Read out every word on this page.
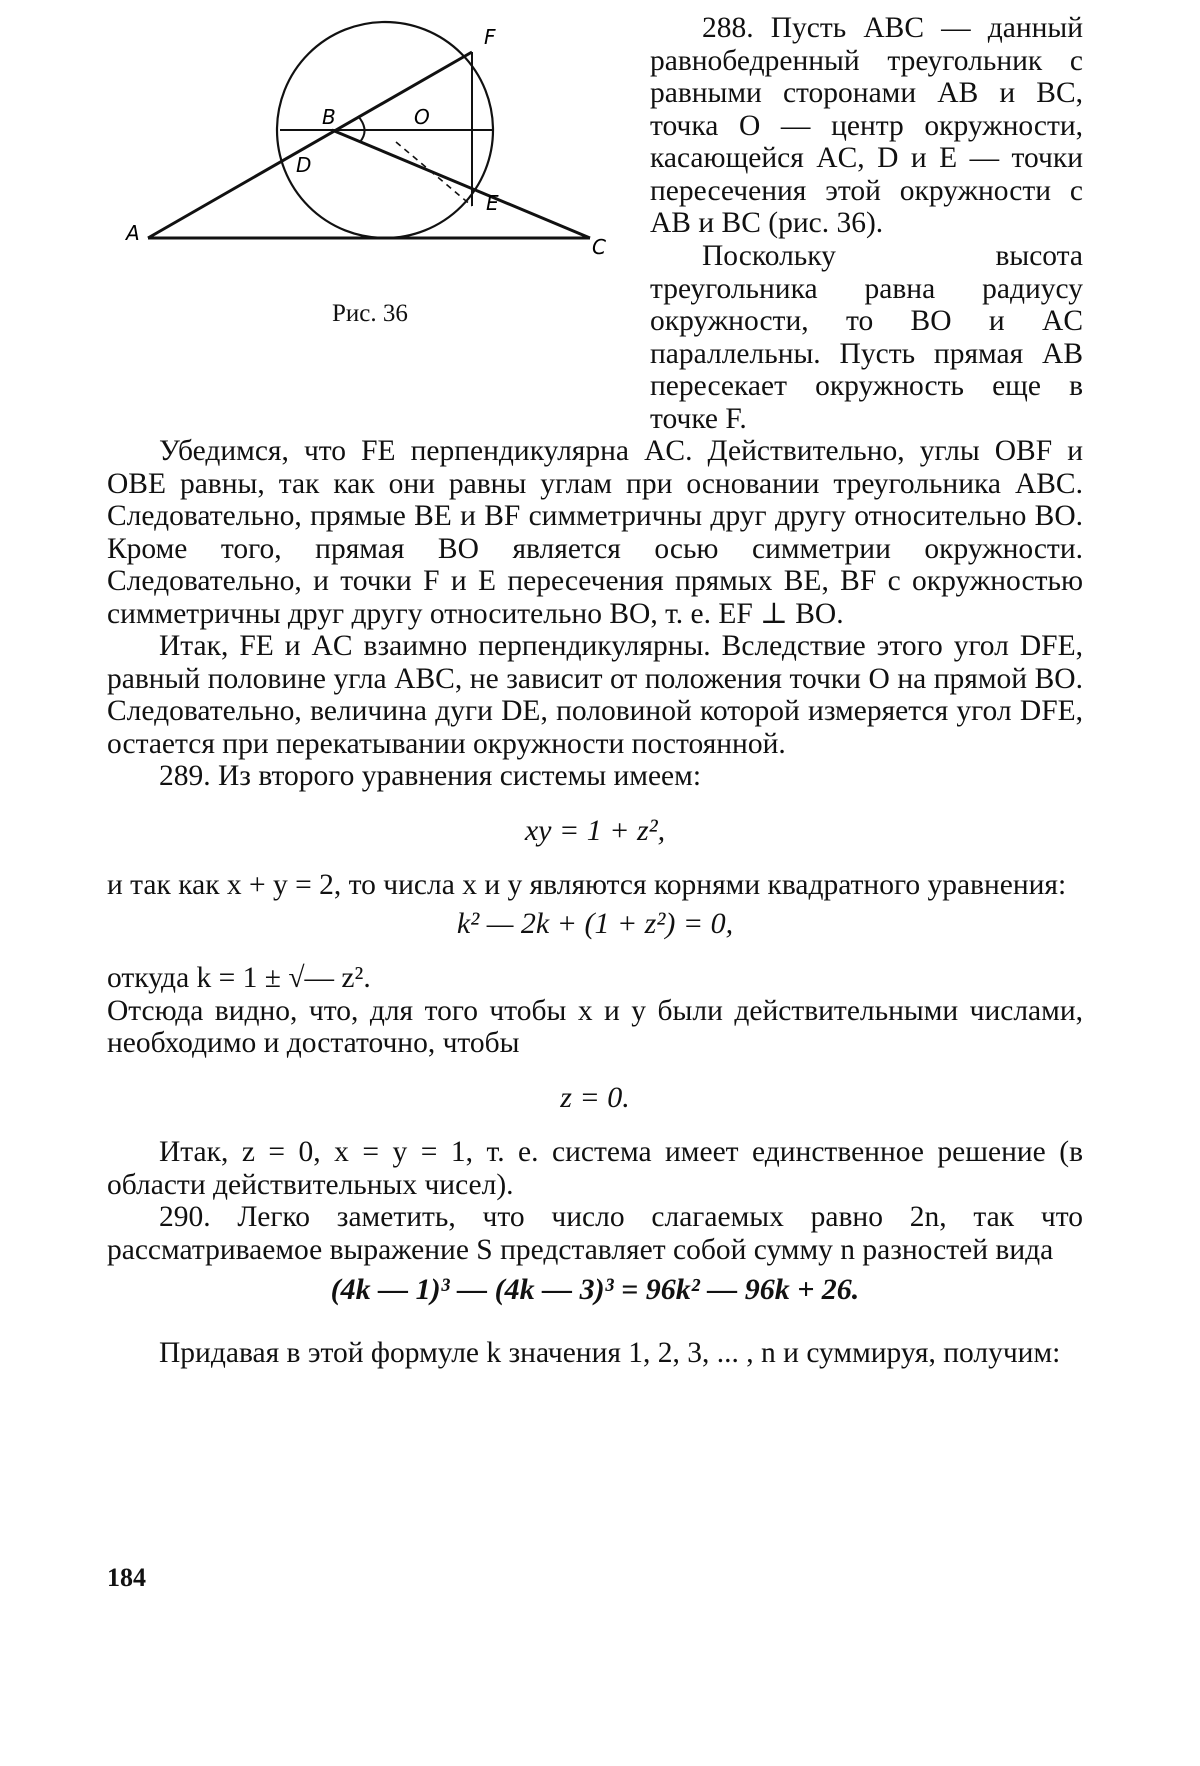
A
B
C
D
E
F
O
Рис. 36

288. Пусть ABC — данный равнобедренный треугольник с равными сторонами AB и BC, точка O — центр окружности, касающейся AC, D и E — точки пересечения этой окружности с AB и BC (рис. 36).

Поскольку высота треугольника равна радиусу окружности, то BO и AC параллельны. Пусть прямая AB пересекает окружность еще в точке F.

Убедимся, что FE перпендикулярна AC. Действительно, углы OBF и OBE равны, так как они равны углам при основании треугольника ABC. Следовательно, прямые BE и BF симметричны друг другу относительно BO. Кроме того, прямая BO является осью симметрии окружности. Следовательно, и точки F и E пересечения прямых BE, BF с окружностью симметричны друг другу относительно BO, т. е. EF ⊥ BO.

Итак, FE и AC взаимно перпендикулярны. Вследствие этого угол DFE, равный половине угла ABC, не зависит от положения точки O на прямой BO. Следовательно, величина дуги DE, половиной которой измеряется угол DFE, остается при перекатывании окружности постоянной.

289. Из второго уравнения системы имеем:

xy = 1 + z²,

и так как x + y = 2, то числа x и y являются корнями квадратного уравнения:

k² — 2k + (1 + z²) = 0,

откуда k = 1 ± √— z².

Отсюда видно, что, для того чтобы x и y были действительными числами, необходимо и достаточно, чтобы

z = 0.

Итак, z = 0, x = y = 1, т. е. система имеет единственное решение (в области действительных чисел).

290. Легко заметить, что число слагаемых равно 2n, так что рассматриваемое выражение S представляет собой сумму n разностей вида

(4k — 1)³ — (4k — 3)³ = 96k² — 96k + 26.

Придавая в этой формуле k значения 1, 2, 3, ... , n и суммируя, получим:

184
